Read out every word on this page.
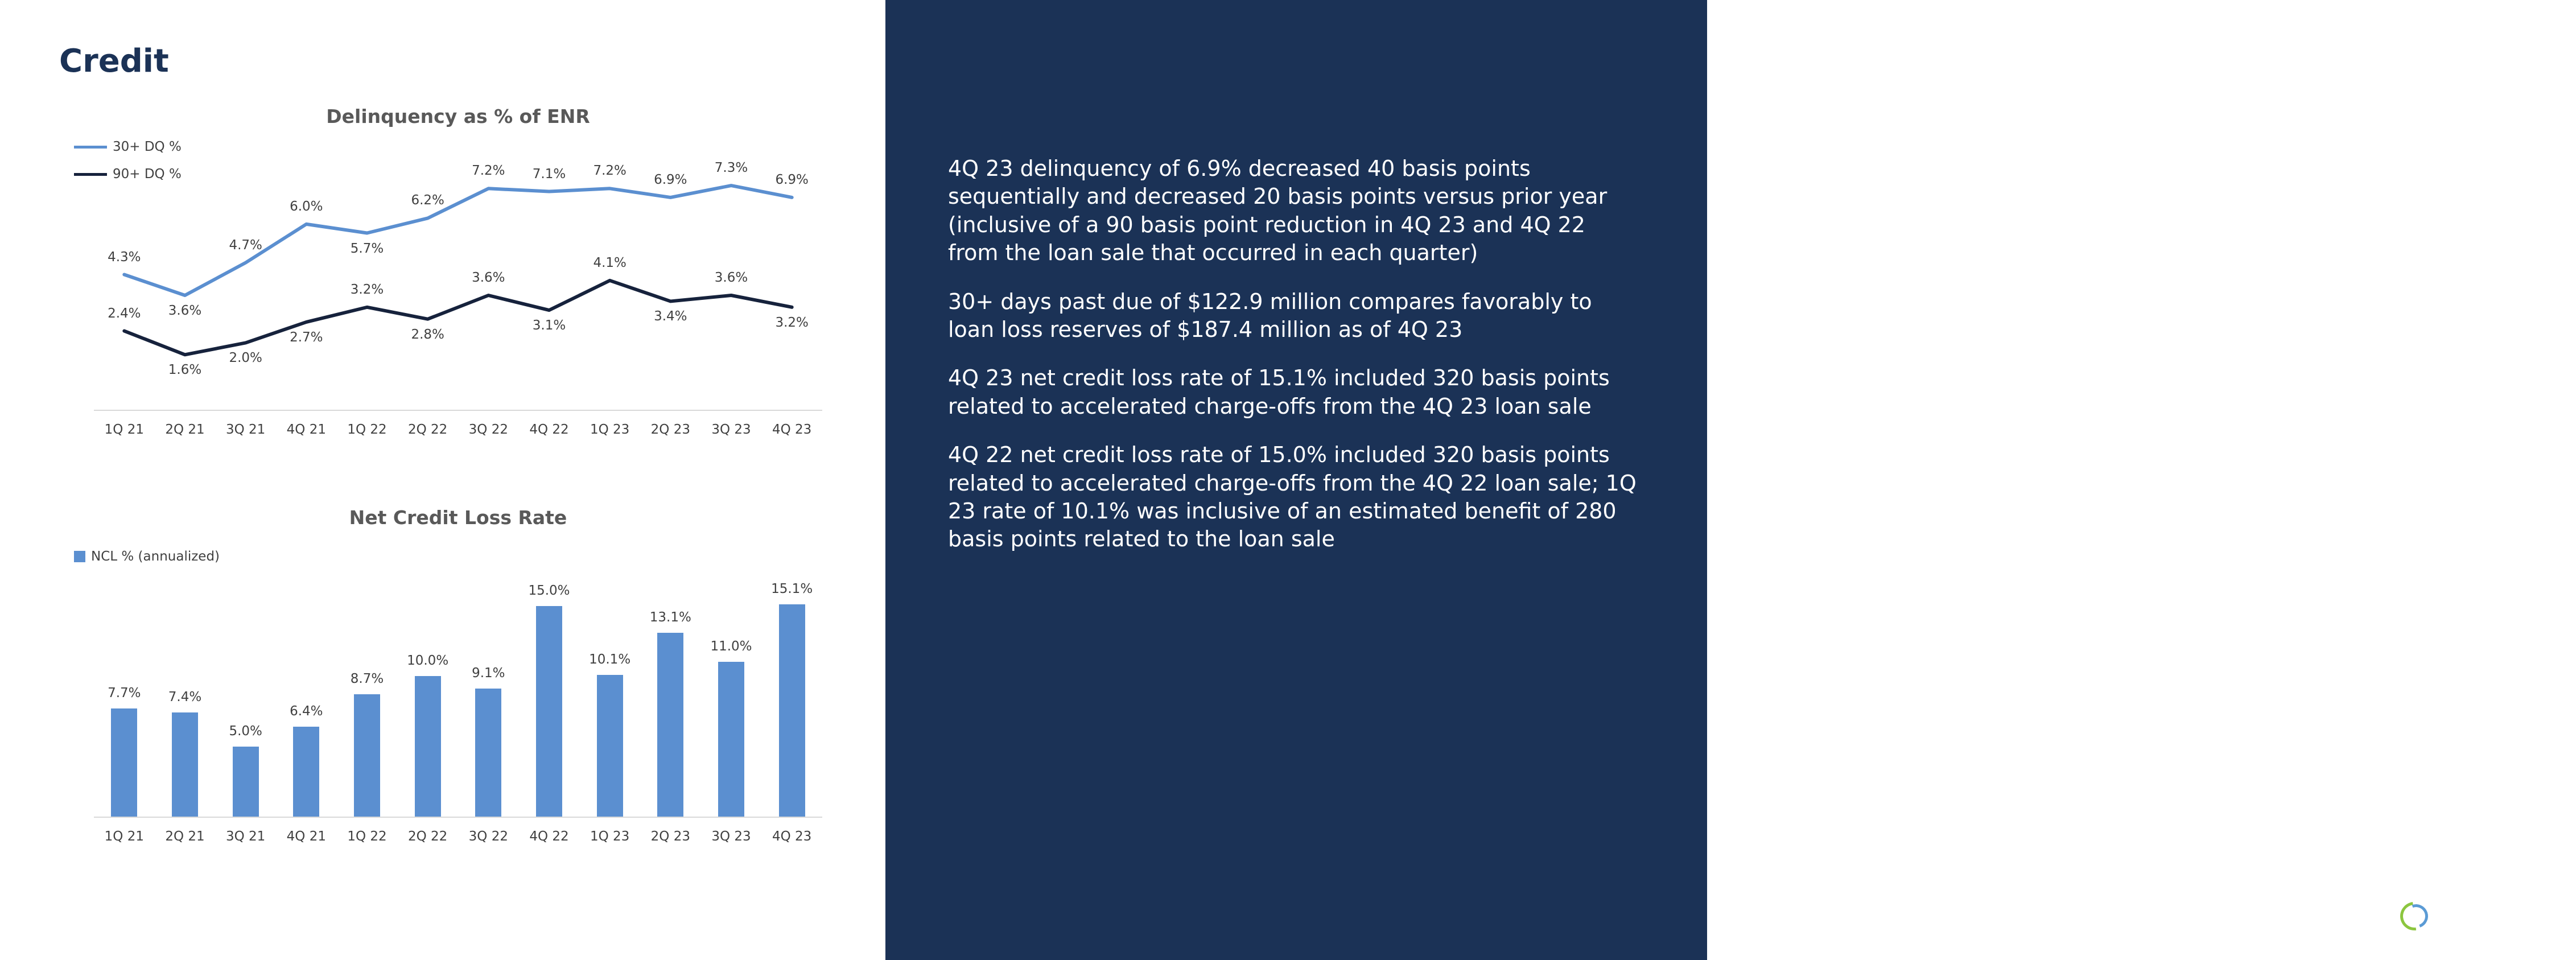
Credit
Delinquency as % of ENR
4.3%
3.6%
4.7%
6.0%
5.7%
6.2%
7.2%	7.1%	7.2%
6.9%
7.3%
6.9%
2.4%
1.6%
2.0%
2.7%
3.2%
2.8%
3.6%
3.1%
4.1%
3.4%
3.6%
3.2%
30+ DQ %
90+ DQ %
1Q 21	2Q 21	3Q 21	4Q 21	1Q 22	2Q 22	3Q 22	4Q 22	1Q 23	2Q 23	3Q 23	4Q 23
Net Credit Loss Rate
NCL % (annualized)
7.7%	7.4%
5.0%
6.4%
8.7%
10.0%
9.1%
15.0%
10.1%
13.1%
11.0%
15.1%
1Q 21	2Q 21	3Q 21	4Q 21	1Q 22	2Q 22	3Q 22	4Q 22	1Q 23	2Q 23	3Q 23	4Q 23

4Q 23 delinquency of 6.9% decreased 40 basis points sequentially and decreased 20 basis points versus prior year (inclusive of a 90 basis point reduction in 4Q 23 and 4Q 22 from the loan sale that occurred in each quarter)

30+ days past due of $122.9 million compares favorably to loan loss reserves of $187.4 million as of 4Q 23

4Q 23 net credit loss rate of 15.1% included 320 basis points related to accelerated charge-offs from the 4Q 23 loan sale

4Q 22 net credit loss rate of 15.0% included 320 basis points related to accelerated charge-offs from the 4Q 22 loan sale; 1Q 23 rate of 10.1% was inclusive of an estimated benefit of 280 basis points related to the loan sale

REGIONAL
MANAGEMENT 24
